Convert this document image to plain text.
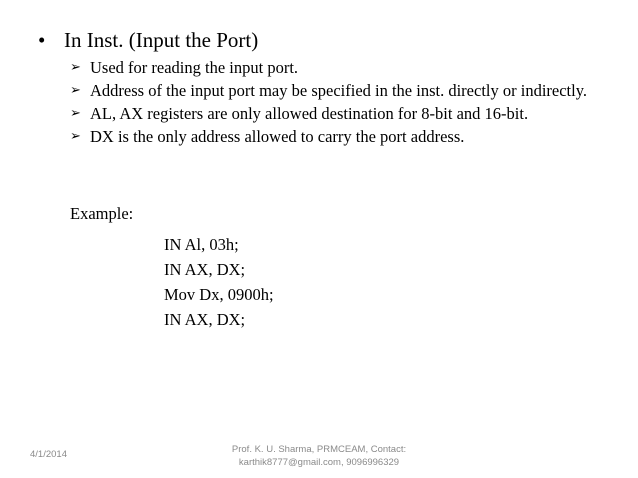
• In Inst. (Input the Port)
➢ Used for reading the input port.
➢ Address of the input port may be specified in the inst. directly or indirectly.
➢ AL, AX registers are only allowed destination for 8-bit and 16-bit.
➢ DX is the only address allowed to carry the port address.
Example:
IN Al, 03h;
IN AX, DX;
Mov Dx, 0900h;
IN AX, DX;
4/1/2014	Prof. K. U. Sharma, PRMCEAM, Contact:
karthik8777@gmail.com, 9096996329
